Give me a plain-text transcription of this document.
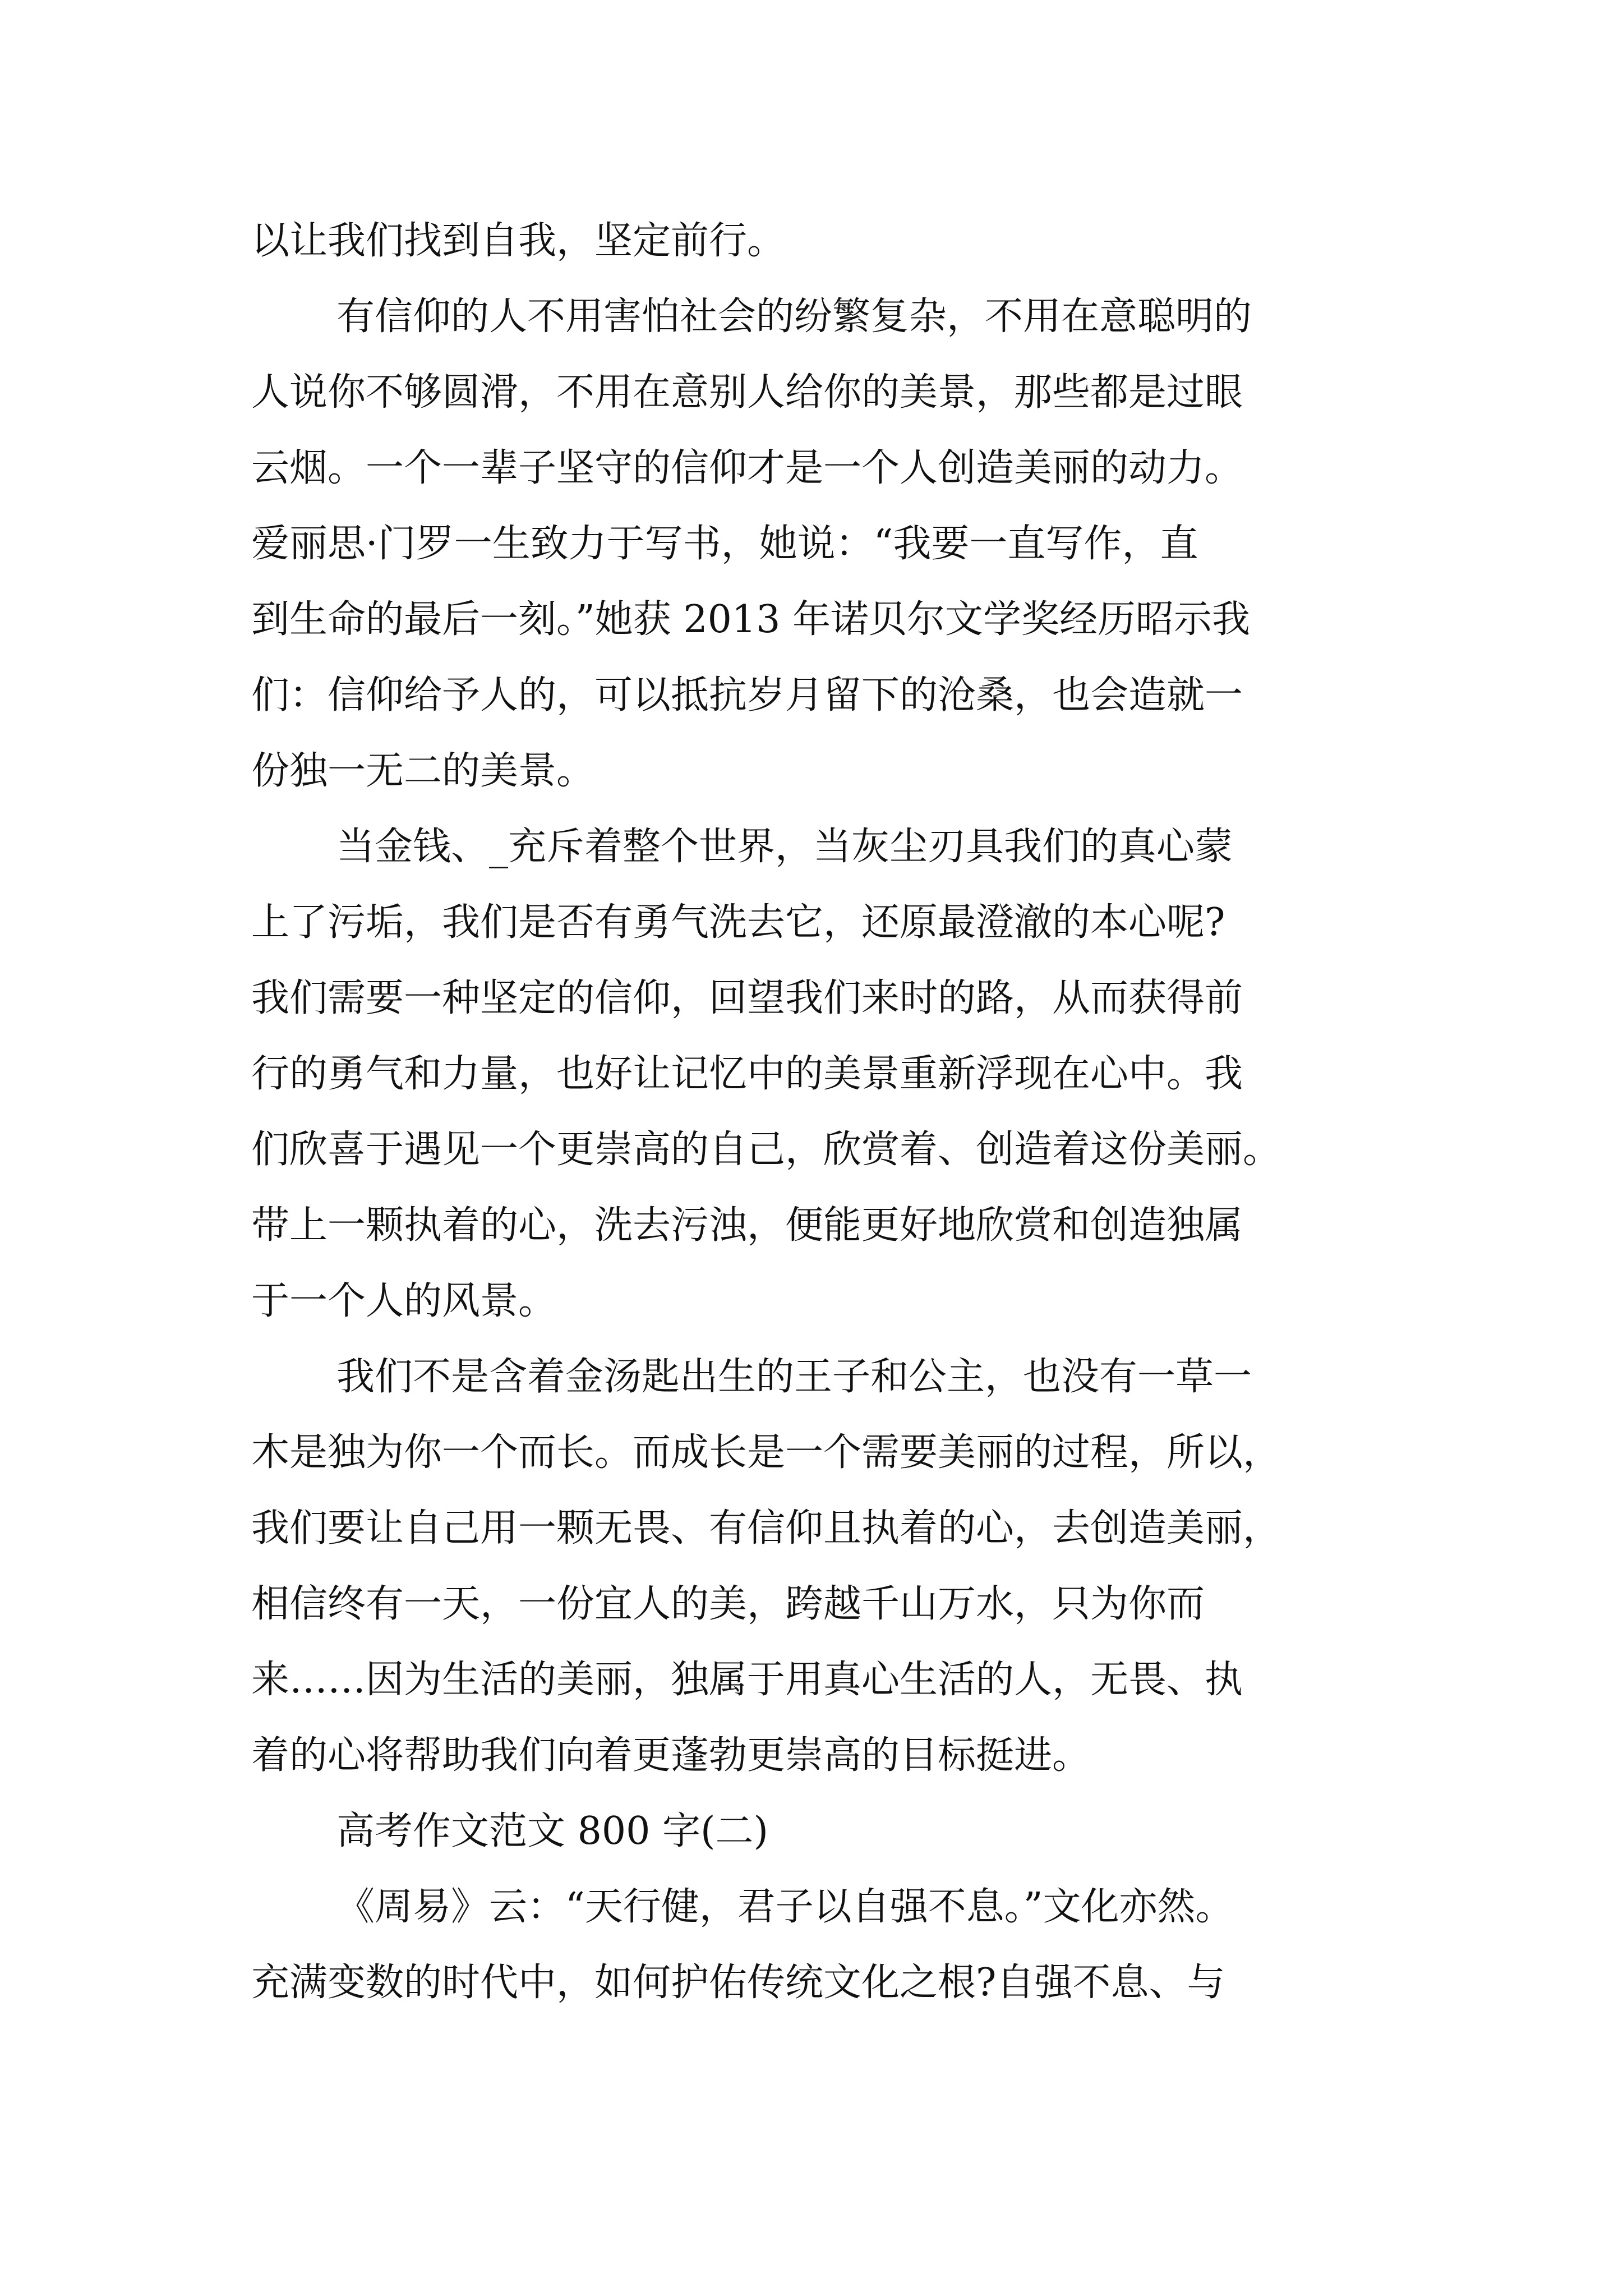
以让我们找到自我，坚定前行。
有信仰的人不用害怕社会的纷繁复杂，不用在意聪明的
人说你不够圆滑，不用在意别人给你的美景，那些都是过眼
云烟。一个一辈子坚守的信仰才是一个人创造美丽的动力。
爱丽思·门罗一生致力于写书，她说：“我要一直写作，直
到生命的最后一刻。”她获 2013 年诺贝尔文学奖经历昭示我
们：信仰给予人的，可以抵抗岁月留下的沧桑，也会造就一
份独一无二的美景。
当金钱、_充斥着整个世界，当灰尘刃具我们的真心蒙
上了污垢，我们是否有勇气洗去它，还原最澄澈的本心呢?
我们需要一种坚定的信仰，回望我们来时的路，从而获得前
行的勇气和力量，也好让记忆中的美景重新浮现在心中。我
们欣喜于遇见一个更崇高的自己，欣赏着、创造着这份美丽。
带上一颗执着的心，洗去污浊，便能更好地欣赏和创造独属
于一个人的风景。
我们不是含着金汤匙出生的王子和公主，也没有一草一
木是独为你一个而长。而成长是一个需要美丽的过程，所以，
我们要让自己用一颗无畏、有信仰且执着的心，去创造美丽，
相信终有一天，一份宜人的美，跨越千山万水，只为你而
来……因为生活的美丽，独属于用真心生活的人，无畏、执
着的心将帮助我们向着更蓬勃更崇高的目标挺进。
高考作文范文 800 字(二)
《周易》云：“天行健，君子以自强不息。”文化亦然。
充满变数的时代中，如何护佑传统文化之根?自强不息、与
